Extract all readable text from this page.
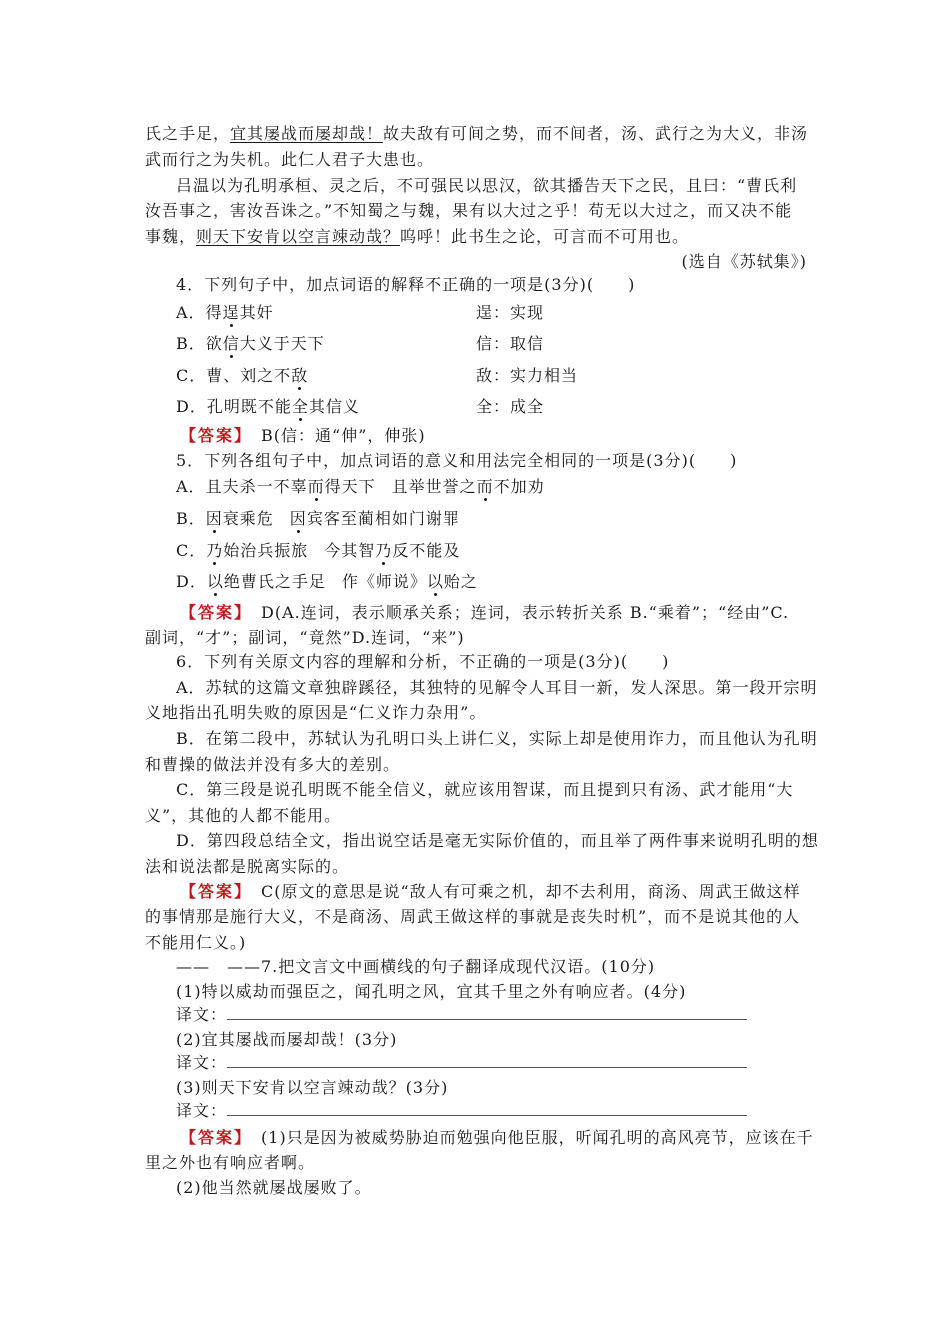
氏之手足，宜其屡战而屡却哉！故夫敌有可间之势，而不间者，汤、武行之为大义，非汤
武而行之为失机。此仁人君子大患也。
吕温以为孔明承桓、灵之后，不可强民以思汉，欲其播告天下之民，且曰：“曹氏利
汝吾事之，害汝吾诛之。”不知蜀之与魏，果有以大过之乎！苟无以大过之，而又决不能
事魏，则天下安肯以空言竦动哉？呜呼！此书生之论，可言而不可用也。
(选自《苏轼集》)
4．下列句子中，加点词语的解释不正确的一项是(3分)(　　)
A．得逞其奸	逞：实现
B．欲信大义于天下	信：取信
C．曹、刘之不敌	敌：实力相当
D．孔明既不能全其信义	全：成全
【答案】　B(信：通“伸”，伸张)
5．下列各组句子中，加点词语的意义和用法完全相同的一项是(3分)(　　)
A．且夫杀一不辜而得天下 且举世誉之而不加劝
B．因衰乘危 因宾客至蔺相如门谢罪
C．乃始治兵振旅 今其智乃反不能及
D．以绝曹氏之手足 作《师说》以贻之
【答案】　D(A.连词，表示顺承关系；连词，表示转折关系 B.“乘着”；“经由”C.
副词，“才”；副词，“竟然”D.连词，“来”)
6．下列有关原文内容的理解和分析，不正确的一项是(3分)(　　)
A．苏轼的这篇文章独辟蹊径，其独特的见解令人耳目一新，发人深思。第一段开宗明
义地指出孔明失败的原因是“仁义诈力杂用”。
B．在第二段中，苏轼认为孔明口头上讲仁义，实际上却是使用诈力，而且他认为孔明
和曹操的做法并没有多大的差别。
C．第三段是说孔明既不能全信义，就应该用智谋，而且提到只有汤、武才能用“大
义”，其他的人都不能用。
D．第四段总结全文，指出说空话是毫无实际价值的，而且举了两件事来说明孔明的想
法和说法都是脱离实际的。
【答案】　C(原文的意思是说“敌人有可乘之机，却不去利用，商汤、周武王做这样
的事情那是施行大义，不是商汤、周武王做这样的事就是丧失时机”，而不是说其他的人
不能用仁义。)
——　——7.把文言文中画横线的句子翻译成现代汉语。(10分)
(1)特以威劫而强臣之，闻孔明之风，宜其千里之外有响应者。(4分)
译文：
(2)宜其屡战而屡却哉！(3分)
译文：
(3)则天下安肯以空言竦动哉？(3分)
译文：
【答案】　(1)只是因为被威势胁迫而勉强向他臣服，听闻孔明的高风亮节，应该在千
里之外也有响应者啊。
(2)他当然就屡战屡败了。
